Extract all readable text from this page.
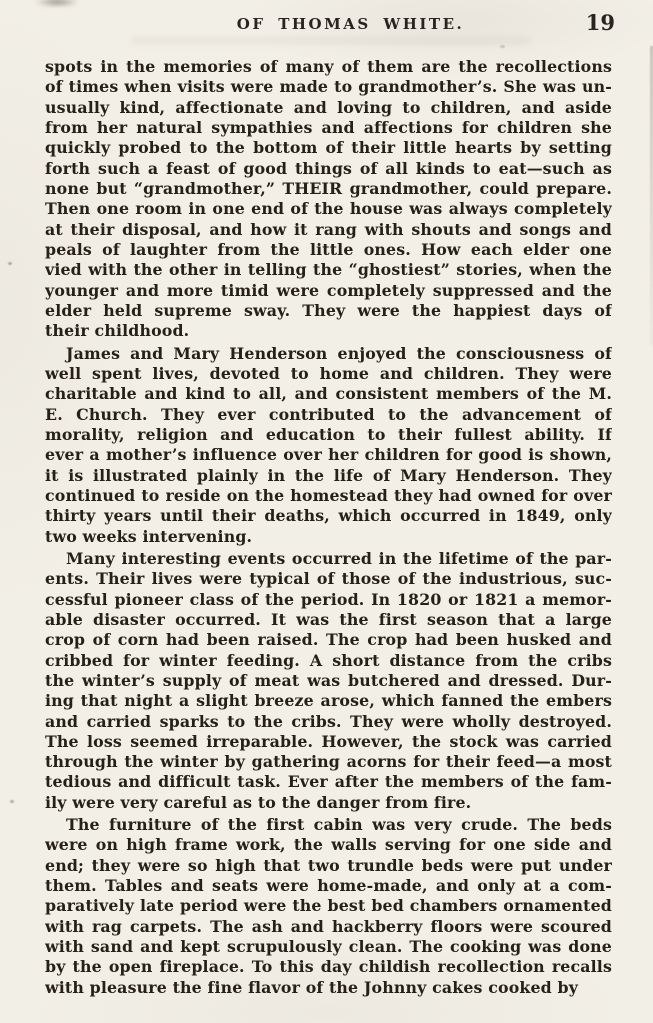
OF THOMAS WHITE.	19
spots in the memories of many of them are the recollections
of times when visits were made to grandmother’s. She was un-
usually kind, affectionate and loving to children, and aside
from her natural sympathies and affections for children she
quickly probed to the bottom of their little hearts by setting
forth such a feast of good things of all kinds to eat—such as
none but “grandmother,” THEIR grandmother, could prepare.
Then one room in one end of the house was always completely
at their disposal, and how it rang with shouts and songs and
peals of laughter from the little ones. How each elder one
vied with the other in telling the “ghostiest” stories, when the
younger and more timid were completely suppressed and the
elder held supreme sway. They were the happiest days of
their childhood.
James and Mary Henderson enjoyed the consciousness of
well spent lives, devoted to home and children. They were
charitable and kind to all, and consistent members of the M.
E. Church. They ever contributed to the advancement of
morality, religion and education to their fullest ability. If
ever a mother’s influence over her children for good is shown,
it is illustrated plainly in the life of Mary Henderson. They
continued to reside on the homestead they had owned for over
thirty years until their deaths, which occurred in 1849, only
two weeks intervening.
Many interesting events occurred in the lifetime of the par-
ents. Their lives were typical of those of the industrious, suc-
cessful pioneer class of the period. In 1820 or 1821 a memor-
able disaster occurred. It was the first season that a large
crop of corn had been raised. The crop had been husked and
cribbed for winter feeding. A short distance from the cribs
the winter’s supply of meat was butchered and dressed. Dur-
ing that night a slight breeze arose, which fanned the embers
and carried sparks to the cribs. They were wholly destroyed.
The loss seemed irreparable. However, the stock was carried
through the winter by gathering acorns for their feed—a most
tedious and difficult task. Ever after the members of the fam-
ily were very careful as to the danger from fire.
The furniture of the first cabin was very crude. The beds
were on high frame work, the walls serving for one side and
end; they were so high that two trundle beds were put under
them. Tables and seats were home-made, and only at a com-
paratively late period were the best bed chambers ornamented
with rag carpets. The ash and hackberry floors were scoured
with sand and kept scrupulously clean. The cooking was done
by the open fireplace. To this day childish recollection recalls
with pleasure the fine flavor of the Johnny cakes cooked by
